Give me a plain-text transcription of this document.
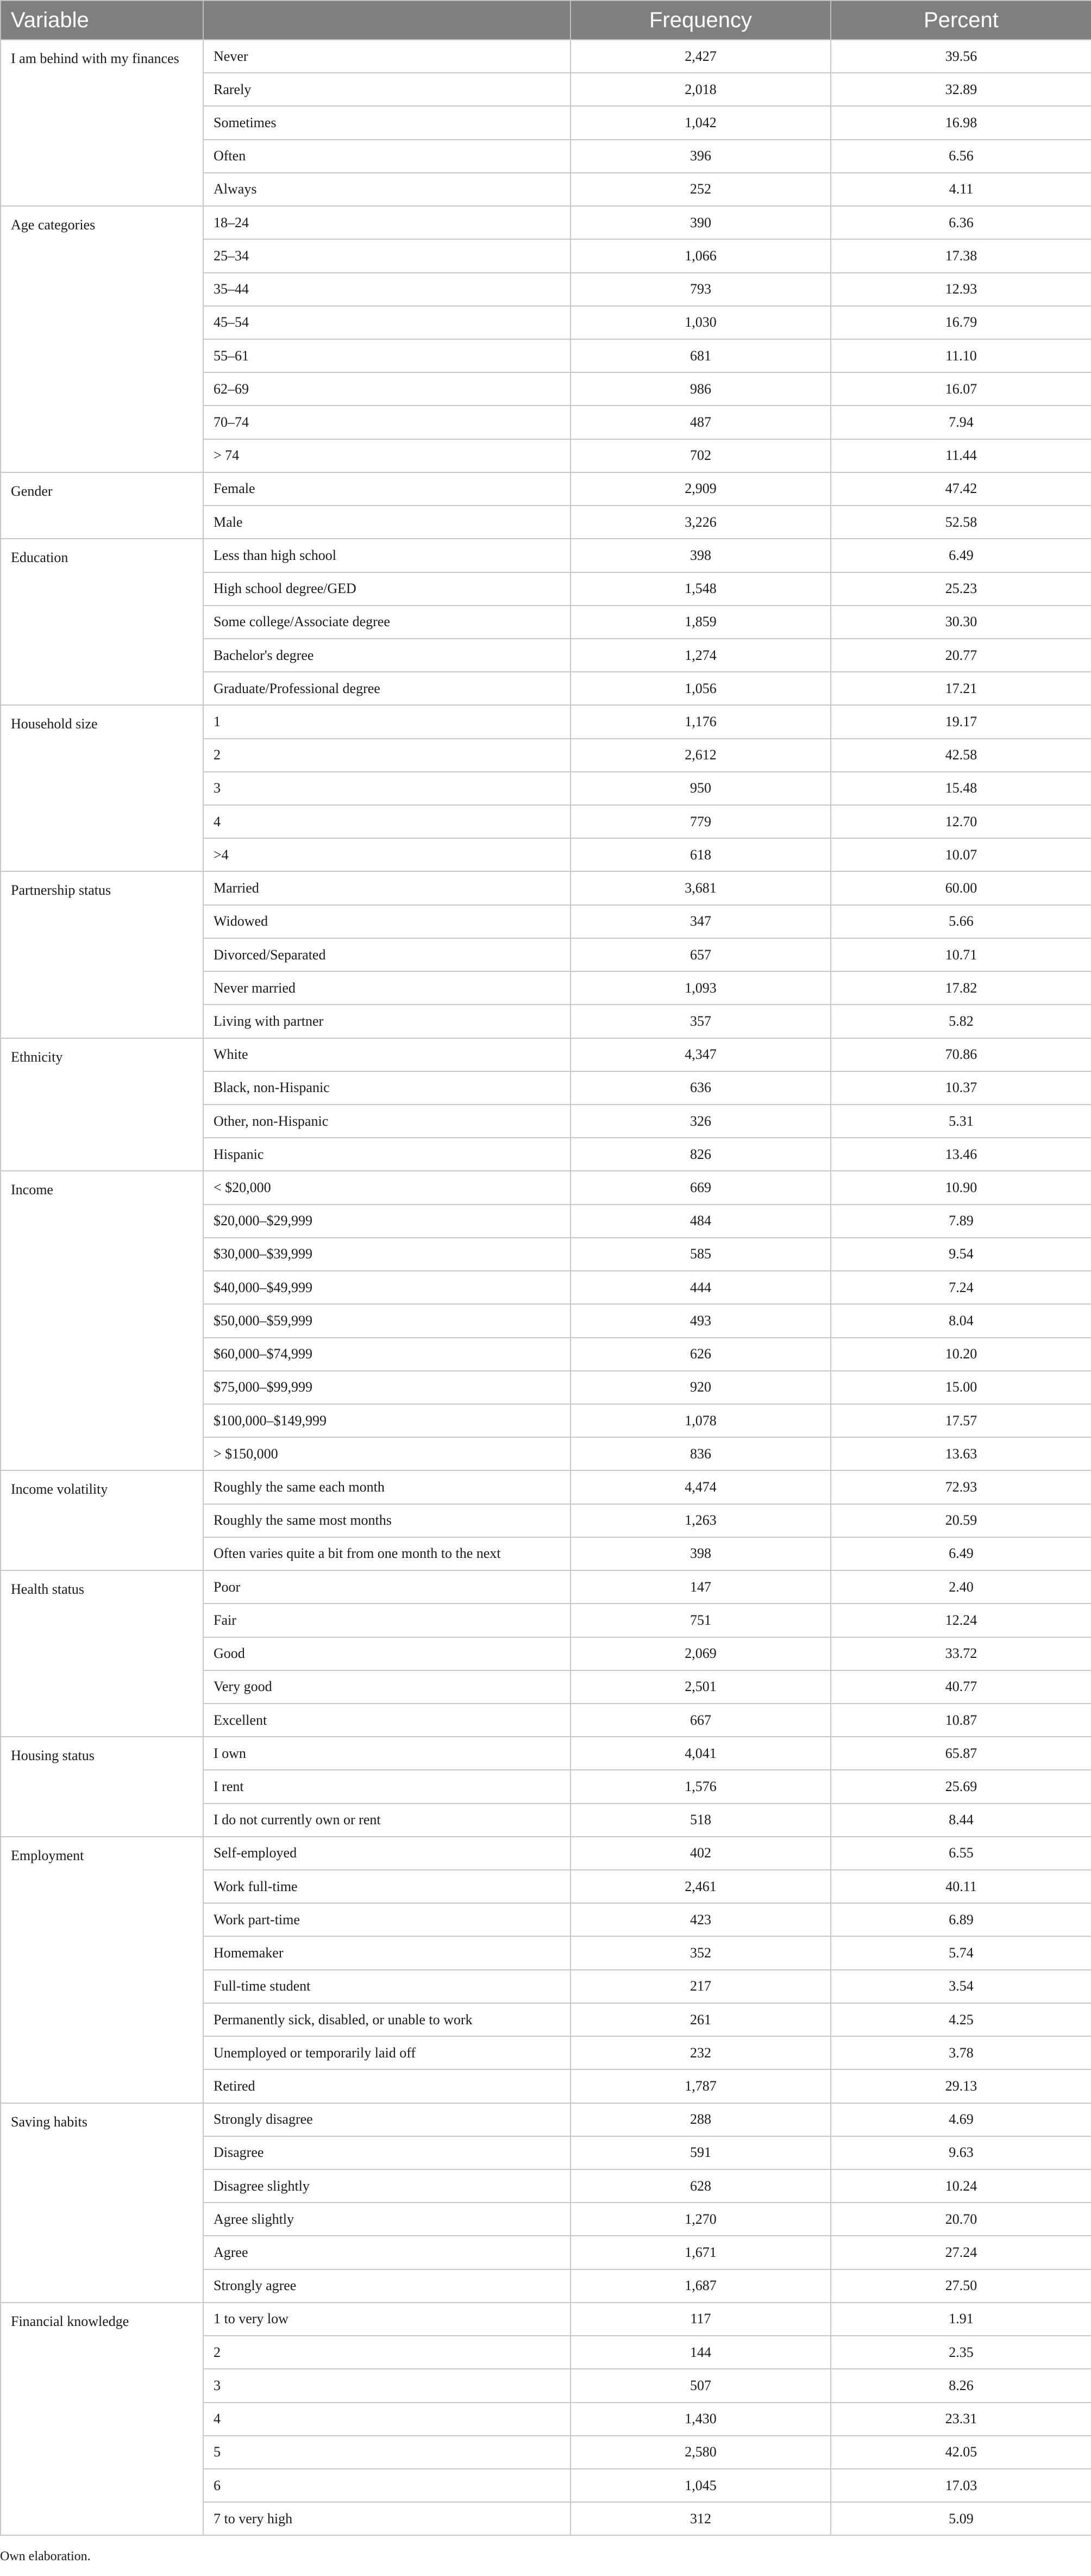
Variable		Frequency	Percent
I am behind with my finances	Never	2,427	39.56
	Rarely	2,018	32.89
	Sometimes	1,042	16.98
	Often	396	6.56
	Always	252	4.11
Age categories	18–24	390	6.36
	25–34	1,066	17.38
	35–44	793	12.93
	45–54	1,030	16.79
	55–61	681	11.10
	62–69	986	16.07
	70–74	487	7.94
	> 74	702	11.44
Gender	Female	2,909	47.42
	Male	3,226	52.58
Education	Less than high school	398	6.49
	High school degree/GED	1,548	25.23
	Some college/Associate degree	1,859	30.30
	Bachelor's degree	1,274	20.77
	Graduate/Professional degree	1,056	17.21
Household size	1	1,176	19.17
	2	2,612	42.58
	3	950	15.48
	4	779	12.70
	>4	618	10.07
Partnership status	Married	3,681	60.00
	Widowed	347	5.66
	Divorced/Separated	657	10.71
	Never married	1,093	17.82
	Living with partner	357	5.82
Ethnicity	White	4,347	70.86
	Black, non-Hispanic	636	10.37
	Other, non-Hispanic	326	5.31
	Hispanic	826	13.46
Income	< $20,000	669	10.90
	$20,000–$29,999	484	7.89
	$30,000–$39,999	585	9.54
	$40,000–$49,999	444	7.24
	$50,000–$59,999	493	8.04
	$60,000–$74,999	626	10.20
	$75,000–$99,999	920	15.00
	$100,000–$149,999	1,078	17.57
	> $150,000	836	13.63
Income volatility	Roughly the same each month	4,474	72.93
	Roughly the same most months	1,263	20.59
	Often varies quite a bit from one month to the next	398	6.49
Health status	Poor	147	2.40
	Fair	751	12.24
	Good	2,069	33.72
	Very good	2,501	40.77
	Excellent	667	10.87
Housing status	I own	4,041	65.87
	I rent	1,576	25.69
	I do not currently own or rent	518	8.44
Employment	Self-employed	402	6.55
	Work full-time	2,461	40.11
	Work part-time	423	6.89
	Homemaker	352	5.74
	Full-time student	217	3.54
	Permanently sick, disabled, or unable to work	261	4.25
	Unemployed or temporarily laid off	232	3.78
	Retired	1,787	29.13
Saving habits	Strongly disagree	288	4.69
	Disagree	591	9.63
	Disagree slightly	628	10.24
	Agree slightly	1,270	20.70
	Agree	1,671	27.24
	Strongly agree	1,687	27.50
Financial knowledge	1 to very low	117	1.91
	2	144	2.35
	3	507	8.26
	4	1,430	23.31
	5	2,580	42.05
	6	1,045	17.03
	7 to very high	312	5.09
Own elaboration.
